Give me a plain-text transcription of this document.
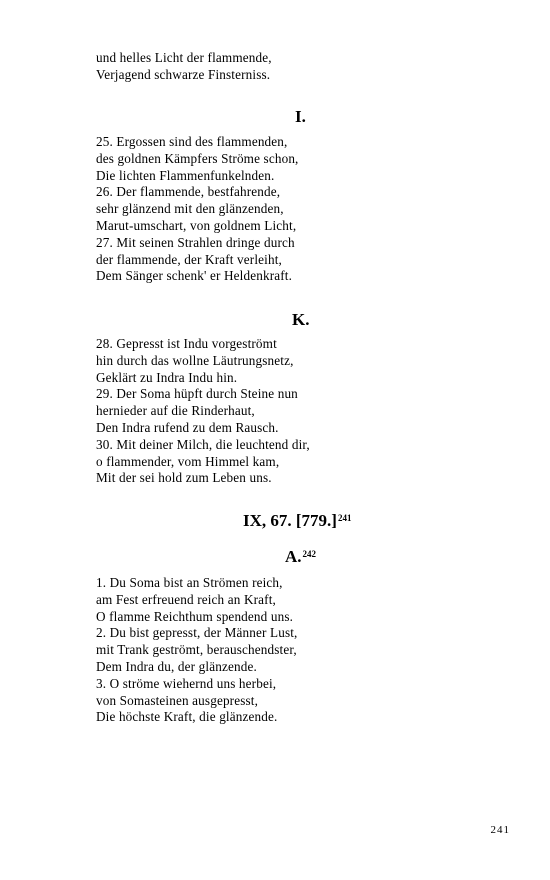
und helles Licht der flammende,
Verjagend schwarze Finsterniss.
I.
25. Ergossen sind des flammenden,
des goldnen Kämpfers Ströme schon,
Die lichten Flammenfunkelnden.
26. Der flammende, bestfahrende,
sehr glänzend mit den glänzenden,
Marut-umschart, von goldnem Licht,
27. Mit seinen Strahlen dringe durch
der flammende, der Kraft verleiht,
Dem Sänger schenk' er Heldenkraft.
K.
28. Gepresst ist Indu vorgeströmt
hin durch das wollne Läutrungsnetz,
Geklärt zu Indra Indu hin.
29. Der Soma hüpft durch Steine nun
hernieder auf die Rinderhaut,
Den Indra rufend zu dem Rausch.
30. Mit deiner Milch, die leuchtend dir,
o flammender, vom Himmel kam,
Mit der sei hold zum Leben uns.
IX, 67. $[779.]^{241}$
A.$^{242}$
1. Du Soma bist an Strömen reich,
am Fest erfreuend reich an Kraft,
O flamme Reichthum spendend uns.
2. Du bist gepresst, der Männer Lust,
mit Trank geströmt, berauschendster,
Dem Indra du, der glänzende.
3. O ströme wiehernd uns herbei,
von Somasteinen ausgepresst,
Die höchste Kraft, die glänzende.
241
